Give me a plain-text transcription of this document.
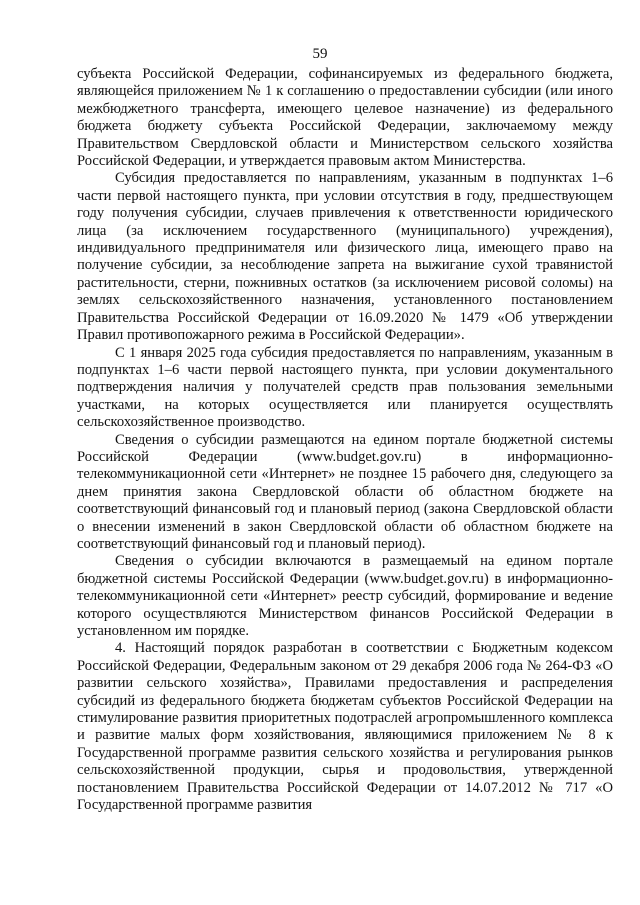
59

субъекта Российской Федерации, софинансируемых из федерального бюджета, являющейся приложением № 1 к соглашению о предоставлении субсидии (или иного межбюджетного трансферта, имеющего целевое назначение) из федерального бюджета бюджету субъекта Российской Федерации, заключаемому между Правительством Свердловской области и Министерством сельского хозяйства Российской Федерации, и утверждается правовым актом Министерства.

Субсидия предоставляется по направлениям, указанным в подпунктах 1–6 части первой настоящего пункта, при условии отсутствия в году, предшествующем году получения субсидии, случаев привлечения к ответственности юридического лица (за исключением государственного (муниципального) учреждения), индивидуального предпринимателя или физического лица, имеющего право на получение субсидии, за несоблюдение запрета на выжигание сухой травянистой растительности, стерни, пожнивных остатков (за исключением рисовой соломы) на землях сельскохозяйственного назначения, установленного постановлением Правительства Российской Федерации от 16.09.2020 № 1479 «Об утверждении Правил противопожарного режима в Российской Федерации».

С 1 января 2025 года субсидия предоставляется по направлениям, указанным в подпунктах 1–6 части первой настоящего пункта, при условии документального подтверждения наличия у получателей средств прав пользования земельными участками, на которых осуществляется или планируется осуществлять сельскохозяйственное производство.

Сведения о субсидии размещаются на едином портале бюджетной системы Российской Федерации (www.budget.gov.ru) в информационно-телекоммуникационной сети «Интернет» не позднее 15 рабочего дня, следующего за днем принятия закона Свердловской области об областном бюджете на соответствующий финансовый год и плановый период (закона Свердловской области о внесении изменений в закон Свердловской области об областном бюджете на соответствующий финансовый год и плановый период).

Сведения о субсидии включаются в размещаемый на едином портале бюджетной системы Российской Федерации (www.budget.gov.ru) в информационно-телекоммуникационной сети «Интернет» реестр субсидий, формирование и ведение которого осуществляются Министерством финансов Российской Федерации в установленном им порядке.

4. Настоящий порядок разработан в соответствии с Бюджетным кодексом Российской Федерации, Федеральным законом от 29 декабря 2006 года № 264-ФЗ «О развитии сельского хозяйства», Правилами предоставления и распределения субсидий из федерального бюджета бюджетам субъектов Российской Федерации на стимулирование развития приоритетных подотраслей агропромышленного комплекса и развитие малых форм хозяйствования, являющимися приложением № 8 к Государственной программе развития сельского хозяйства и регулирования рынков сельскохозяйственной продукции, сырья и продовольствия, утвержденной постановлением Правительства Российской Федерации от 14.07.2012 № 717 «О Государственной программе развития
